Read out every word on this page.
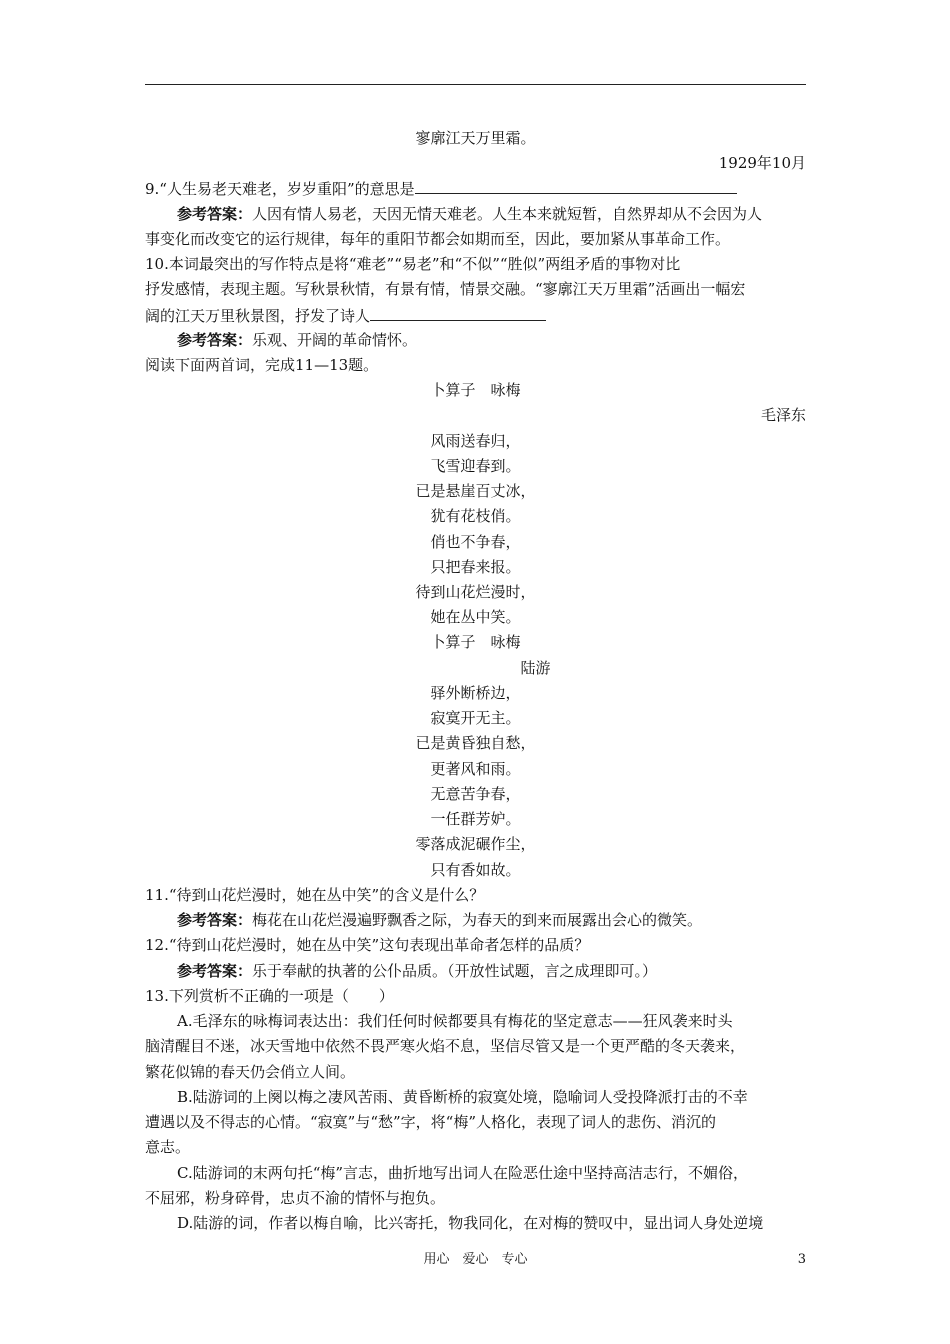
寥廓江天万里霜。
1929年10月
9.“人生易老天难老，岁岁重阳”的意思是
参考答案：人因有情人易老，天因无情天难老。人生本来就短暂，自然界却从不会因为人
事变化而改变它的运行规律，每年的重阳节都会如期而至，因此，要加紧从事革命工作。
10.本词最突出的写作特点是将“难老”“易老”和“不似”“胜似”两组矛盾的事物对比
抒发感情，表现主题。写秋景秋情，有景有情，情景交融。“寥廓江天万里霜”活画出一幅宏
阔的江天万里秋景图，抒发了诗人
参考答案：乐观、开阔的革命情怀。
阅读下面两首词，完成11—13题。
卜算子　咏梅
毛泽东
风雨送春归，
飞雪迎春到。
已是悬崖百丈冰，
犹有花枝俏。
俏也不争春，
只把春来报。
待到山花烂漫时，
她在丛中笑。
卜算子　咏梅
陆游
驿外断桥边，
寂寞开无主。
已是黄昏独自愁，
更著风和雨。
无意苦争春，
一任群芳妒。
零落成泥碾作尘，
只有香如故。
11.“待到山花烂漫时，她在丛中笑”的含义是什么？
参考答案：梅花在山花烂漫遍野飘香之际，为春天的到来而展露出会心的微笑。
12.“待到山花烂漫时，她在丛中笑”这句表现出革命者怎样的品质？
参考答案：乐于奉献的执著的公仆品质。（开放性试题，言之成理即可。）
13.下列赏析不正确的一项是（　　）
A.毛泽东的咏梅词表达出：我们任何时候都要具有梅花的坚定意志——狂风袭来时头
脑清醒目不迷，冰天雪地中依然不畏严寒火焰不息，坚信尽管又是一个更严酷的冬天袭来，
繁花似锦的春天仍会俏立人间。
B.陆游词的上阕以梅之凄风苦雨、黄昏断桥的寂寞处境，隐喻词人受投降派打击的不幸
遭遇以及不得志的心情。“寂寞”与“愁”字，将“梅”人格化，表现了词人的悲伤、消沉的
意志。
C.陆游词的末两句托“梅”言志，曲折地写出词人在险恶仕途中坚持高洁志行，不媚俗，
不屈邪，粉身碎骨，忠贞不渝的情怀与抱负。
D.陆游的词，作者以梅自喻，比兴寄托，物我同化，在对梅的赞叹中，显出词人身处逆境
用心　爱心　专心	3
